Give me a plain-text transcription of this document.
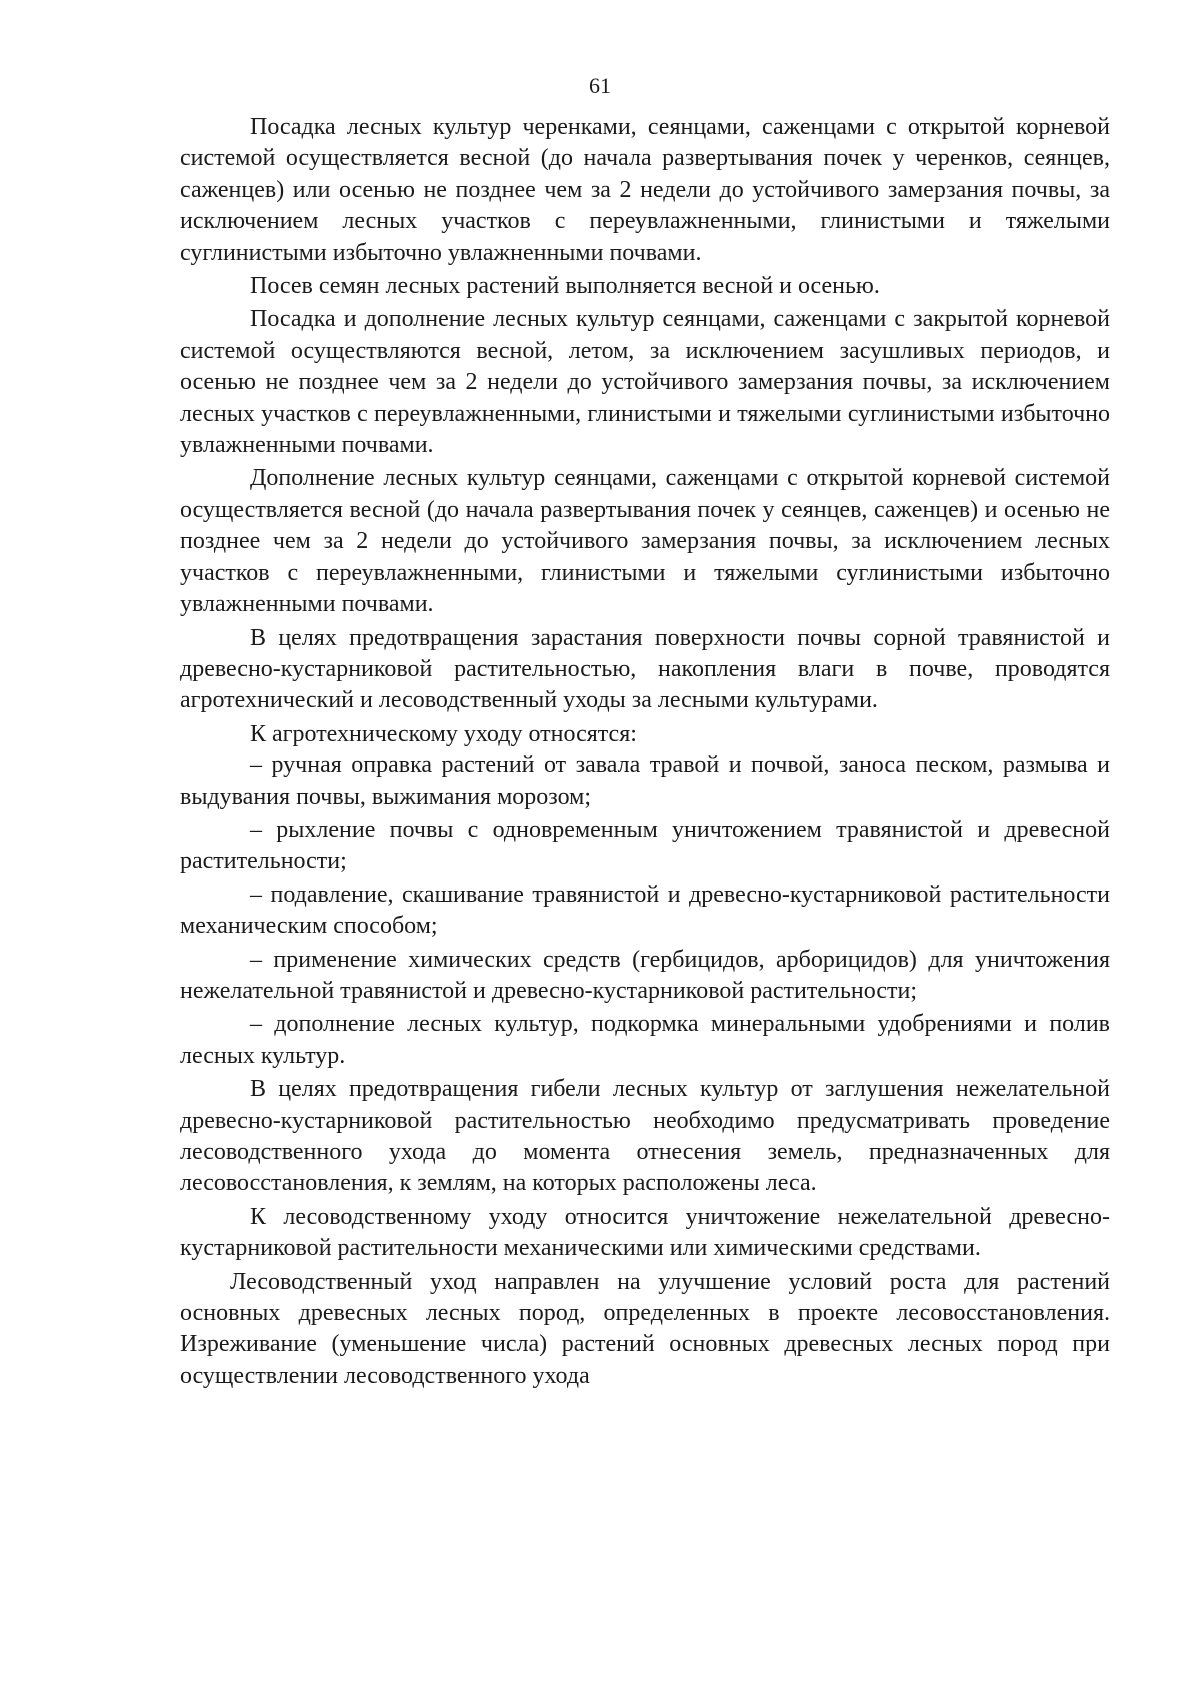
61

Посадка лесных культур черенками, сеянцами, саженцами с открытой корневой системой осуществляется весной (до начала развертывания почек у черенков, сеянцев, саженцев) или осенью не позднее чем за 2 недели до устойчивого замерзания почвы, за исключением лесных участков с переувлажненными, глинистыми и тяжелыми суглинистыми избыточно увлажненными почвами.

Посев семян лесных растений выполняется весной и осенью.

Посадка и дополнение лесных культур сеянцами, саженцами с закрытой корневой системой осуществляются весной, летом, за исключением засушливых периодов, и осенью не позднее чем за 2 недели до устойчивого замерзания почвы, за исключением лесных участков с переувлажненными, глинистыми и тяжелыми суглинистыми избыточно увлажненными почвами.

Дополнение лесных культур сеянцами, саженцами с открытой корневой системой осуществляется весной (до начала развертывания почек у сеянцев, саженцев) и осенью не позднее чем за 2 недели до устойчивого замерзания почвы, за исключением лесных участков с переувлажненными, глинистыми и тяжелыми суглинистыми избыточно увлажненными почвами.

В целях предотвращения зарастания поверхности почвы сорной травянистой и древесно-кустарниковой растительностью, накопления влаги в почве, проводятся агротехнический и лесоводственный уходы за лесными культурами.

К агротехническому уходу относятся:

– ручная оправка растений от завала травой и почвой, заноса песком, размыва и выдувания почвы, выжимания морозом;

– рыхление почвы с одновременным уничтожением травянистой и древесной растительности;

– подавление, скашивание травянистой и древесно-кустарниковой растительности механическим способом;

– применение химических средств (гербицидов, арборицидов) для уничтожения нежелательной травянистой и древесно-кустарниковой растительности;

– дополнение лесных культур, подкормка минеральными удобрениями и полив лесных культур.

В целях предотвращения гибели лесных культур от заглушения нежелательной древесно-кустарниковой растительностью необходимо предусматривать проведение лесоводственного ухода до момента отнесения земель, предназначенных для лесовосстановления, к землям, на которых расположены леса.

К лесоводственному уходу относится уничтожение нежелательной древесно-кустарниковой растительности механическими или химическими средствами.

Лесоводственный уход направлен на улучшение условий роста для растений основных древесных лесных пород, определенных в проекте лесовосстановления. Изреживание (уменьшение числа) растений основных древесных лесных пород при осуществлении лесоводственного ухода
